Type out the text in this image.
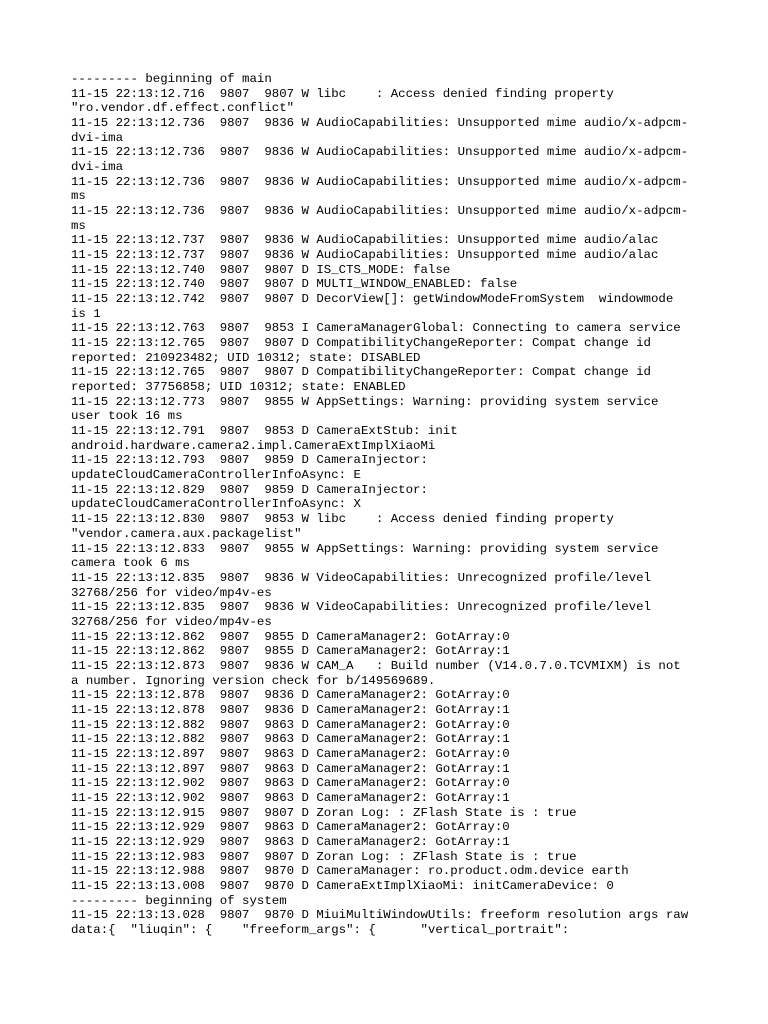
--------- beginning of main
11-15 22:13:12.716  9807  9807 W libc    : Access denied finding property
"ro.vendor.df.effect.conflict"
11-15 22:13:12.736  9807  9836 W AudioCapabilities: Unsupported mime audio/x-adpcm-
dvi-ima
11-15 22:13:12.736  9807  9836 W AudioCapabilities: Unsupported mime audio/x-adpcm-
dvi-ima
11-15 22:13:12.736  9807  9836 W AudioCapabilities: Unsupported mime audio/x-adpcm-
ms
11-15 22:13:12.736  9807  9836 W AudioCapabilities: Unsupported mime audio/x-adpcm-
ms
11-15 22:13:12.737  9807  9836 W AudioCapabilities: Unsupported mime audio/alac
11-15 22:13:12.737  9807  9836 W AudioCapabilities: Unsupported mime audio/alac
11-15 22:13:12.740  9807  9807 D IS_CTS_MODE: false
11-15 22:13:12.740  9807  9807 D MULTI_WINDOW_ENABLED: false
11-15 22:13:12.742  9807  9807 D DecorView[]: getWindowModeFromSystem  windowmode
is 1
11-15 22:13:12.763  9807  9853 I CameraManagerGlobal: Connecting to camera service
11-15 22:13:12.765  9807  9807 D CompatibilityChangeReporter: Compat change id
reported: 210923482; UID 10312; state: DISABLED
11-15 22:13:12.765  9807  9807 D CompatibilityChangeReporter: Compat change id
reported: 37756858; UID 10312; state: ENABLED
11-15 22:13:12.773  9807  9855 W AppSettings: Warning: providing system service
user took 16 ms
11-15 22:13:12.791  9807  9853 D CameraExtStub: init
android.hardware.camera2.impl.CameraExtImplXiaoMi
11-15 22:13:12.793  9807  9859 D CameraInjector:
updateCloudCameraControllerInfoAsync: E
11-15 22:13:12.829  9807  9859 D CameraInjector:
updateCloudCameraControllerInfoAsync: X
11-15 22:13:12.830  9807  9853 W libc    : Access denied finding property
"vendor.camera.aux.packagelist"
11-15 22:13:12.833  9807  9855 W AppSettings: Warning: providing system service
camera took 6 ms
11-15 22:13:12.835  9807  9836 W VideoCapabilities: Unrecognized profile/level
32768/256 for video/mp4v-es
11-15 22:13:12.835  9807  9836 W VideoCapabilities: Unrecognized profile/level
32768/256 for video/mp4v-es
11-15 22:13:12.862  9807  9855 D CameraManager2: GotArray:0
11-15 22:13:12.862  9807  9855 D CameraManager2: GotArray:1
11-15 22:13:12.873  9807  9836 W CAM_A   : Build number (V14.0.7.0.TCVMIXM) is not
a number. Ignoring version check for b/149569689.
11-15 22:13:12.878  9807  9836 D CameraManager2: GotArray:0
11-15 22:13:12.878  9807  9836 D CameraManager2: GotArray:1
11-15 22:13:12.882  9807  9863 D CameraManager2: GotArray:0
11-15 22:13:12.882  9807  9863 D CameraManager2: GotArray:1
11-15 22:13:12.897  9807  9863 D CameraManager2: GotArray:0
11-15 22:13:12.897  9807  9863 D CameraManager2: GotArray:1
11-15 22:13:12.902  9807  9863 D CameraManager2: GotArray:0
11-15 22:13:12.902  9807  9863 D CameraManager2: GotArray:1
11-15 22:13:12.915  9807  9807 D Zoran Log: : ZFlash State is : true
11-15 22:13:12.929  9807  9863 D CameraManager2: GotArray:0
11-15 22:13:12.929  9807  9863 D CameraManager2: GotArray:1
11-15 22:13:12.983  9807  9807 D Zoran Log: : ZFlash State is : true
11-15 22:13:12.988  9807  9870 D CameraManager: ro.product.odm.device earth
11-15 22:13:13.008  9807  9870 D CameraExtImplXiaoMi: initCameraDevice: 0
--------- beginning of system
11-15 22:13:13.028  9807  9870 D MiuiMultiWindowUtils: freeform resolution args raw
data:{  "liuqin": {    "freeform_args": {      "vertical_portrait":
